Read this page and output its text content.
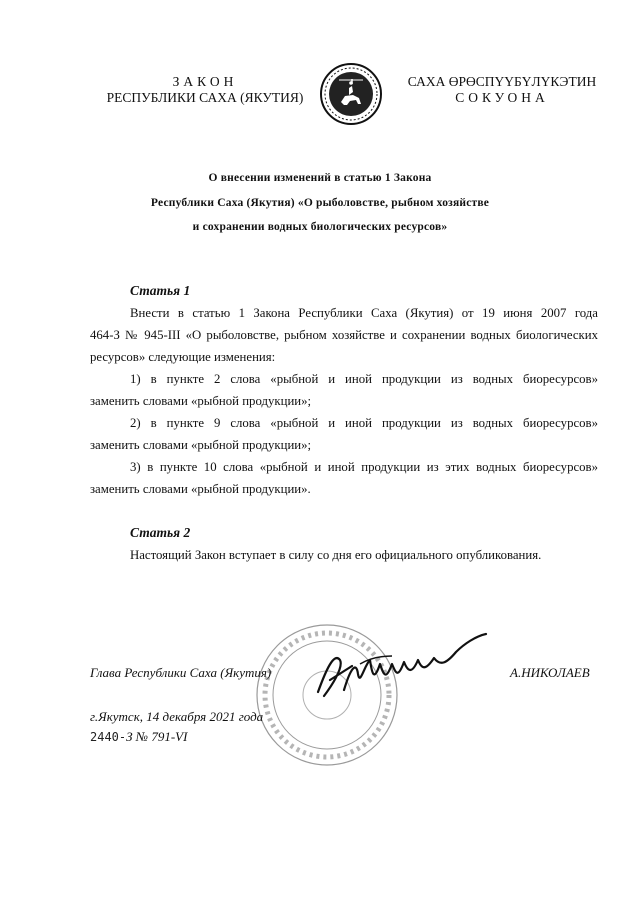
ЗАКОН
РЕСПУБЛИКИ САХА (ЯКУТИЯ)
САХА ӨРӨСПҮҮБҮЛҮКЭТИН
СОКУОНА
О внесении изменений в статью 1 Закона
Республики Саха (Якутия) «О рыболовстве, рыбном хозяйстве
и сохранении водных биологических ресурсов»
Статья 1
Внести в статью 1 Закона Республики Саха (Якутия) от 19 июня 2007 года
464-З № 945-III «О рыболовстве, рыбном хозяйстве и сохранении водных биологических
ресурсов» следующие изменения:
1) в пункте 2 слова «рыбной и иной продукции из водных биоресурсов»
заменить словами «рыбной продукции»;
2) в пункте 9 слова «рыбной и иной продукции из водных биоресурсов»
заменить словами «рыбной продукции»;
3) в пункте 10 слова «рыбной и иной продукции из этих водных биоресурсов»
заменить словами «рыбной продукции».
Статья 2
Настоящий Закон вступает в силу со дня его официального опубликования.
Глава Республики Саха (Якутия)	А.НИКОЛАЕВ
г.Якутск, 14 декабря 2021 года
2440-З № 791-VI
